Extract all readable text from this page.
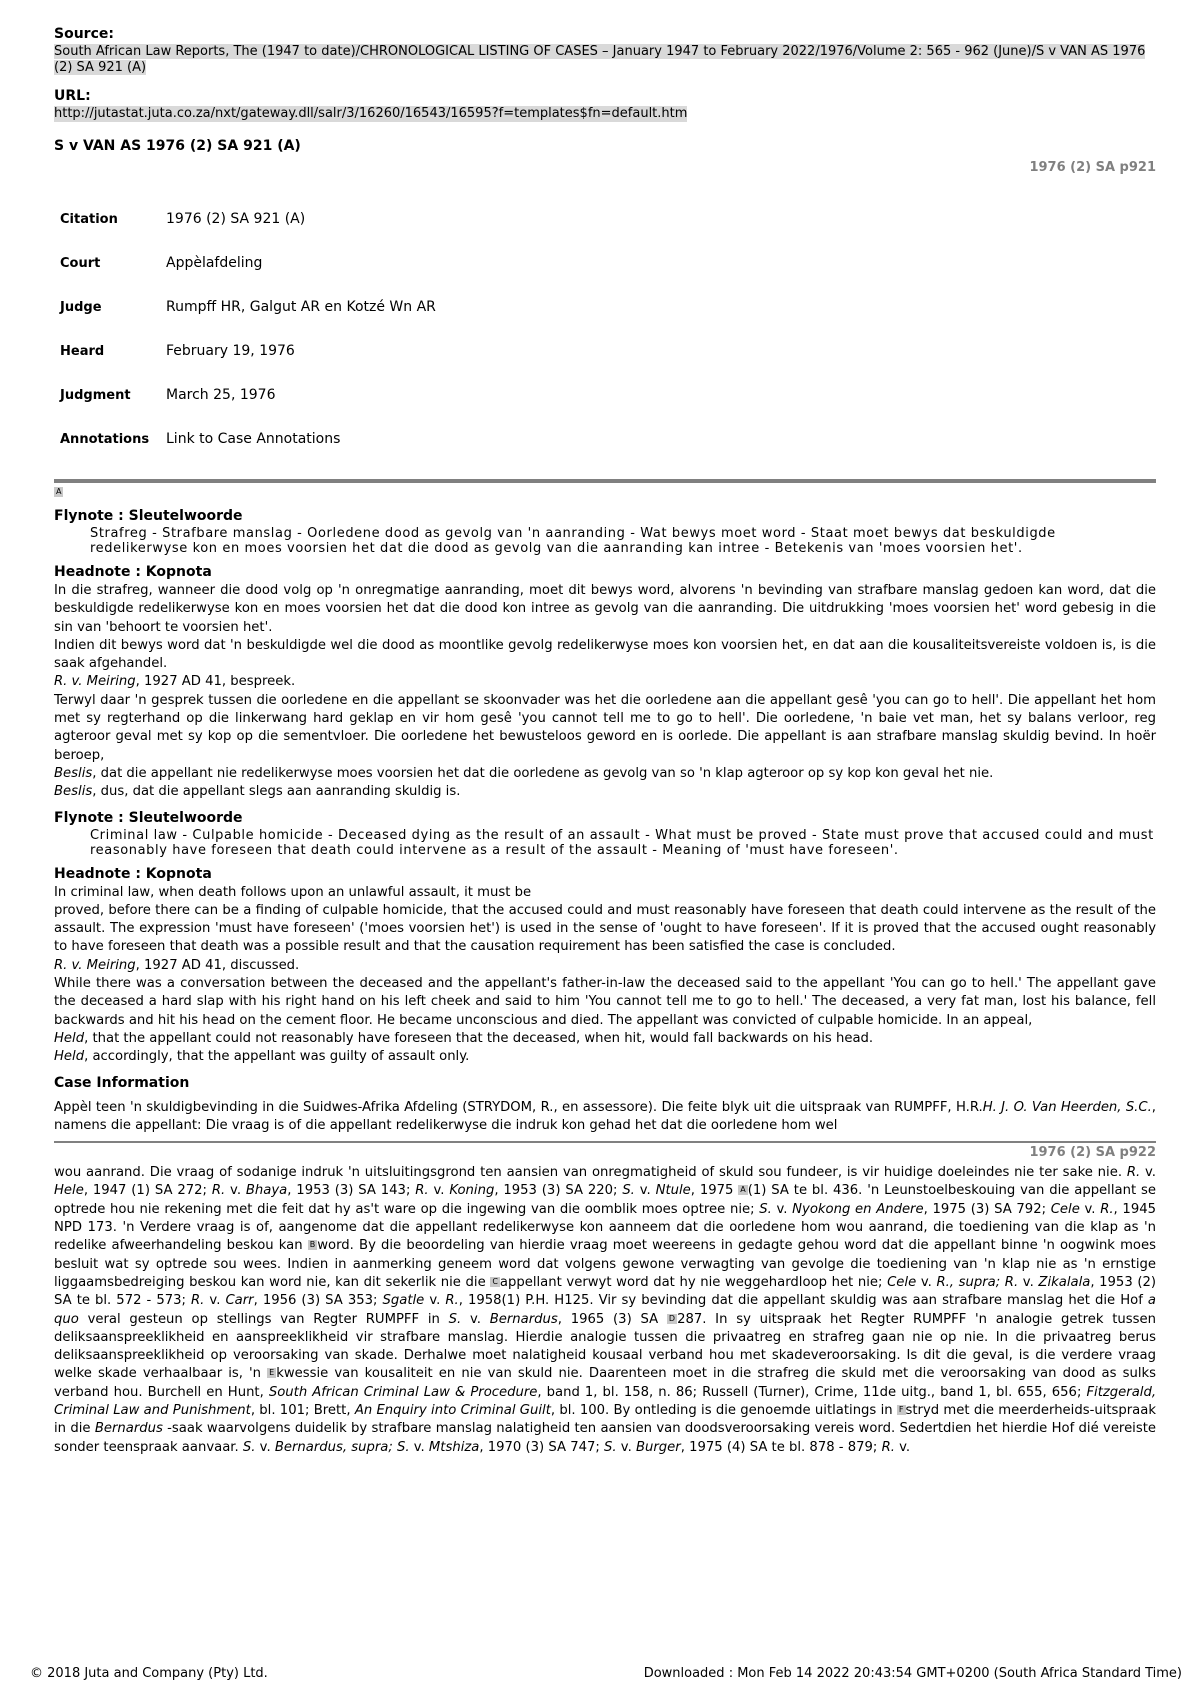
Source:
South African Law Reports, The (1947 to date)/CHRONOLOGICAL LISTING OF CASES – January 1947 to February 2022/1976/Volume 2: 565 - 962 (June)/S v VAN AS 1976 (2) SA 921 (A)
URL:
http://jutastat.juta.co.za/nxt/gateway.dll/salr/3/16260/16543/16595?f=templates$fn=default.htm
S v VAN AS 1976 (2) SA 921 (A)
1976 (2) SA p921
Citation	1976 (2) SA 921 (A)
Court	Appèlafdeling
Judge	Rumpff HR, Galgut AR en Kotzé Wn AR
Heard	February 19, 1976
Judgment	March 25, 1976
Annotations	Link to Case Annotations
A
Flynote : Sleutelwoorde
Strafreg - Strafbare manslag - Oorledene dood as gevolg van 'n aanranding - Wat bewys moet word - Staat moet bewys dat beskuldigde redelikerwyse kon en moes voorsien het dat die dood as gevolg van die aanranding kan intree - Betekenis van 'moes voorsien het'.
Headnote : Kopnota

In die strafreg, wanneer die dood volg op 'n onregmatige aanranding, moet dit bewys word, alvorens 'n bevinding van strafbare manslag gedoen kan word, dat die beskuldigde redelikerwyse kon en moes voorsien het dat die dood kon intree as gevolg van die aanranding. Die uitdrukking 'moes voorsien het' word gebesig in die sin van 'behoort te voorsien het'.

Indien dit bewys word dat 'n beskuldigde wel die dood as moontlike gevolg redelikerwyse moes kon voorsien het, en dat aan die kousaliteitsvereiste voldoen is, is die saak afgehandel.

R. v. Meiring, 1927 AD 41, bespreek.

Terwyl daar 'n gesprek tussen die oorledene en die appellant se skoonvader was het die oorledene aan die appellant gesê 'you can go to hell'. Die appellant het hom met sy regterhand op die linkerwang hard geklap en vir hom gesê 'you cannot tell me to go to hell'. Die oorledene, 'n baie vet man, het sy balans verloor, reg agteroor geval met sy kop op die sementvloer. Die oorledene het bewusteloos geword en is oorlede. Die appellant is aan strafbare manslag skuldig bevind. In hoër beroep,

Beslis, dat die appellant nie redelikerwyse moes voorsien het dat die oorledene as gevolg van so 'n klap agteroor op sy kop kon geval het nie.

Beslis, dus, dat die appellant slegs aan aanranding skuldig is.

Flynote : Sleutelwoorde
Criminal law - Culpable homicide - Deceased dying as the result of an assault - What must be proved - State must prove that accused could and must reasonably have foreseen that death could intervene as a result of the assault - Meaning of 'must have foreseen'.
Headnote : Kopnota

In criminal law, when death follows upon an unlawful assault, it must be

proved, before there can be a finding of culpable homicide, that the accused could and must reasonably have foreseen that death could intervene as the result of the assault. The expression 'must have foreseen' ('moes voorsien het') is used in the sense of 'ought to have foreseen'. If it is proved that the accused ought reasonably to have foreseen that death was a possible result and that the causation requirement has been satisfied the case is concluded.

R. v. Meiring, 1927 AD 41, discussed.

While there was a conversation between the deceased and the appellant's father-in-law the deceased said to the appellant 'You can go to hell.' The appellant gave the deceased a hard slap with his right hand on his left cheek and said to him 'You cannot tell me to go to hell.' The deceased, a very fat man, lost his balance, fell backwards and hit his head on the cement floor. He became unconscious and died. The appellant was convicted of culpable homicide. In an appeal,

Held, that the appellant could not reasonably have foreseen that the deceased, when hit, would fall backwards on his head.

Held, accordingly, that the appellant was guilty of assault only.

Case Information
Appèl teen 'n skuldigbevinding in die Suidwes-Afrika Afdeling (STRYDOM, R., en assessore). Die feite blyk uit die uitspraak van RUMPFF, H.R.H. J. O. Van Heerden, S.C., namens die appellant: Die vraag is of die appellant redelikerwyse die indruk kon gehad het dat die oorledene hom wel
1976 (2) SA p922
wou aanrand. Die vraag of sodanige indruk 'n uitsluitingsgrond ten aansien van onregmatigheid of skuld sou fundeer, is vir huidige doeleindes nie ter sake nie. R. v. Hele, 1947 (1) SA 272; R. v. Bhaya, 1953 (3) SA 143; R. v. Koning, 1953 (3) SA 220; S. v. Ntule, 1975 A (1) SA te bl. 436. 'n Leunstoelbeskouing van die appellant se optrede hou nie rekening met die feit dat hy as't ware op die ingewing van die oomblik moes optree nie; S. v. Nyokong en Andere, 1975 (3) SA 792; Cele v. R., 1945 NPD 173. 'n Verdere vraag is of, aangenome dat die appellant redelikerwyse kon aanneem dat die oorledene hom wou aanrand, die toediening van die klap as 'n redelike afweerhandeling beskou kan B word. By die beoordeling van hierdie vraag moet weereens in gedagte gehou word dat die appellant binne 'n oogwink moes besluit wat sy optrede sou wees. Indien in aanmerking geneem word dat volgens gewone verwagting van gevolge die toediening van 'n klap nie as 'n ernstige liggaamsbedreiging beskou kan word nie, kan dit sekerlik nie die C appellant verwyt word dat hy nie weggehardloop het nie; Cele v. R., supra; R. v. Zikalala, 1953 (2) SA te bl. 572 - 573; R. v. Carr, 1956 (3) SA 353; Sgatle v. R., 1958(1) P.H. H125. Vir sy bevinding dat die appellant skuldig was aan strafbare manslag het die Hof a quo veral gesteun op stellings van Regter RUMPFF in S. v. Bernardus, 1965 (3) SA D 287. In sy uitspraak het Regter RUMPFF 'n analogie getrek tussen deliksaanspreeklikheid en aanspreeklikheid vir strafbare manslag. Hierdie analogie tussen die privaatreg en strafreg gaan nie op nie. In die privaatreg berus deliksaanspreeklikheid op veroorsaking van skade. Derhalwe moet nalatigheid kousaal verband hou met skadeveroorsaking. Is dit die geval, is die verdere vraag welke skade verhaalbaar is, 'n E kwessie van kousaliteit en nie van skuld nie. Daarenteen moet in die strafreg die skuld met die veroorsaking van dood as sulks verband hou. Burchell en Hunt, South African Criminal Law & Procedure, band 1, bl. 158, n. 86; Russell (Turner), Crime, 11de uitg., band 1, bl. 655, 656; Fitzgerald, Criminal Law and Punishment, bl. 101; Brett, An Enquiry into Criminal Guilt, bl. 100. By ontleding is die genoemde uitlatings in F stryd met die meerderheids-uitspraak in die Bernardus -saak waarvolgens duidelik by strafbare manslag nalatigheid ten aansien van doodsveroorsaking vereis word. Sedertdien het hierdie Hof dié vereiste sonder teenspraak aanvaar. S. v. Bernardus, supra; S. v. Mtshiza, 1970 (3) SA 747; S. v. Burger, 1975 (4) SA te bl. 878 - 879; R. v.
© 2018 Juta and Company (Pty) Ltd.	Downloaded : Mon Feb 14 2022 20:43:54 GMT+0200 (South Africa Standard Time)
